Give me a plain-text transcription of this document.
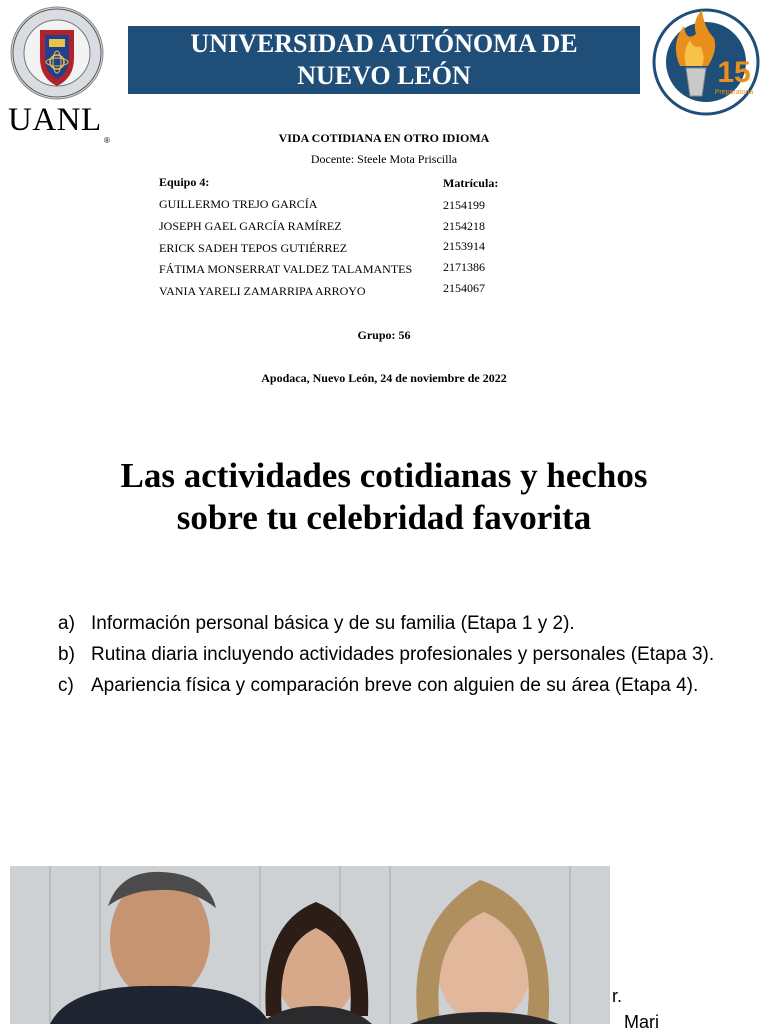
UANL
®
UNIVERSIDAD AUTÓNOMA DE
NUEVO LEÓN	15
Preparatoria
VIDA COTIDIANA EN OTRO IDIOMA
Docente: Steele Mota Priscilla
Equipo 4:	Matrícula:
GUILLERMO TREJO GARCÍA	2154199
JOSEPH GAEL GARCÍA RAMÍREZ	2154218
ERICK SADEH TEPOS GUTIÉRREZ	2153914
FÁTIMA MONSERRAT VALDEZ TALAMANTES	2171386
VANIA YARELI ZAMARRIPA ARROYO	2154067
Grupo: 56
Apodaca, Nuevo León, 24 de noviembre de 2022
Las actividades cotidianas y hechos
sobre tu celebridad favorita
a) Información personal básica y de su familia (Etapa 1 y 2).
b) Rutina diaria incluyendo actividades profesionales y personales (Etapa 3).
c) Apariencia física y comparación breve con alguien de su área (Etapa 4).
r.
Mari
